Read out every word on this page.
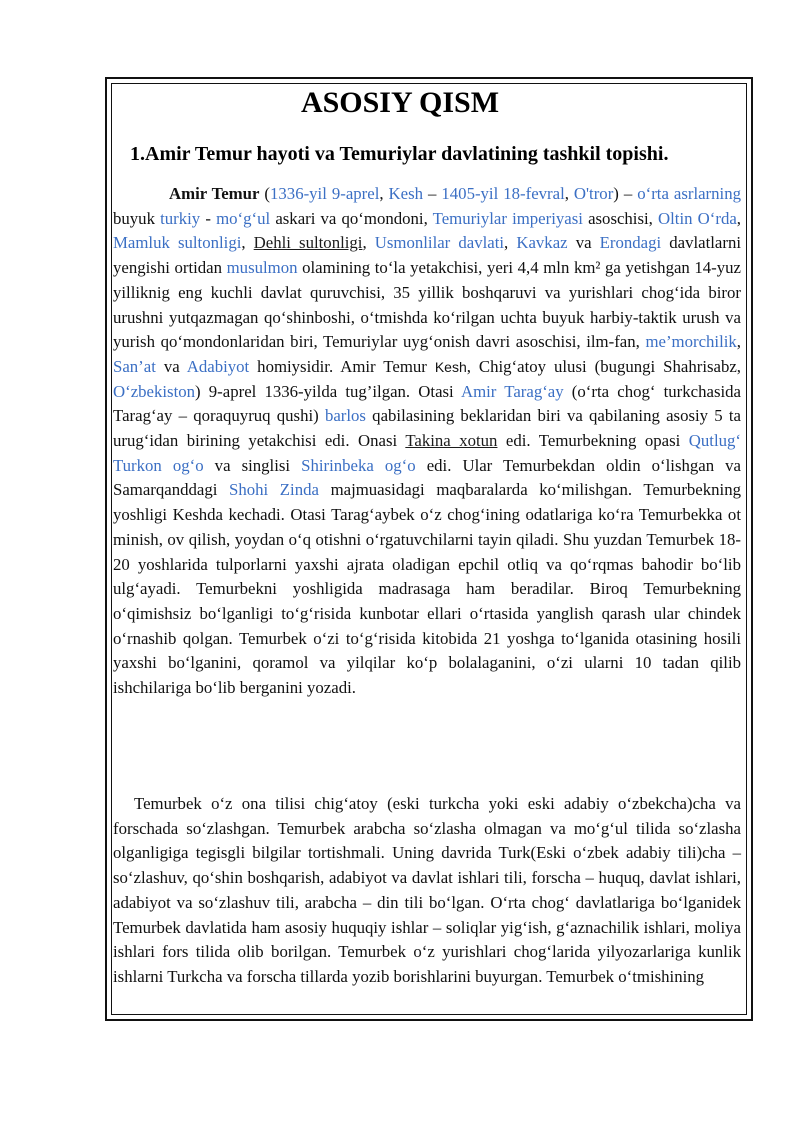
ASOSIY QISM
1.Amir Temur hayoti va Temuriylar davlatining tashkil topishi.

Amir Temur (1336-yil 9-aprel, Kesh – 1405-yil 18-fevral, O'tror) – o‘rta asrlarning buyuk turkiy - mo‘g‘ul askari va qo‘mondoni, Temuriylar imperiyasi asoschisi, Oltin O‘rda, Mamluk sultonligi, Dehli sultonligi, Usmonlilar davlati, Kavkaz va Erondagi davlatlarni yengishi ortidan musulmon olamining to‘la yetakchisi, yeri 4,4 mln km² ga yetishgan 14-yuz yilliknig eng kuchli davlat quruvchisi, 35 yillik boshqaruvi va yurishlari chog‘ida biror urushni yutqazmagan qo‘shinboshi, o‘tmishda ko‘rilgan uchta buyuk harbiy-taktik urush va yurish qo‘mondonlaridan biri, Temuriylar uyg‘onish davri asoschisi, ilm-fan, me’morchilik, San’at va Adabiyot homiysidir. Amir Temur Kesh, Chig‘atoy ulusi (bugungi Shahrisabz, O‘zbekiston) 9-aprel 1336-yilda tug’ilgan. Otasi Amir Tarag‘ay (o‘rta chog‘ turkchasida Tarag‘ay – qoraquyruq qushi) barlos qabilasining beklaridan biri va qabilaning asosiy 5 ta urug‘idan birining yetakchisi edi. Onasi Takina xotun edi. Temurbekning opasi Qutlug‘ Turkon og‘o va singlisi Shirinbeka og‘o edi. Ular Temurbekdan oldin o‘lishgan va Samarqanddagi Shohi Zinda majmuasidagi maqbaralarda ko‘milishgan. Temurbekning yoshligi Keshda kechadi. Otasi Tarag‘aybek o‘z chog‘ining odatlariga ko‘ra Temurbekka ot minish, ov qilish, yoydan o‘q otishni o‘rgatuvchilarni tayin qiladi. Shu yuzdan Temurbek 18-20 yoshlarida tulporlarni yaxshi ajrata oladigan epchil otliq va qo‘rqmas bahodir bo‘lib ulg‘ayadi. Temurbekni yoshligida madrasaga ham beradilar. Biroq Temurbekning o‘qimishsiz bo‘lganligi to‘g‘risida kunbotar ellari o‘rtasida yanglish qarash ular chindek o‘rnashib qolgan. Temurbek o‘zi to‘g‘risida kitobida 21 yoshga to‘lganida otasining hosili yaxshi bo‘lganini, qoramol va yilqilar ko‘p bolalaganini, o‘zi ularni 10 tadan qilib ishchilariga bo‘lib berganini yozadi.

Temurbek o‘z ona tilisi chig‘atoy (eski turkcha yoki eski adabiy o‘zbekcha)cha va forschada so‘zlashgan. Temurbek arabcha so‘zlasha olmagan va mo‘g‘ul tilida so‘zlasha olganligiga tegisgli bilgilar tortishmali. Uning davrida Turk(Eski o‘zbek adabiy tili)cha – so‘zlashuv, qo‘shin boshqarish, adabiyot va davlat ishlari tili, forscha – huquq, davlat ishlari, adabiyot va so‘zlashuv tili, arabcha – din tili bo‘lgan. O‘rta chog‘ davlatlariga bo‘lganidek Temurbek davlatida ham asosiy huquqiy ishlar – soliqlar yig‘ish, g‘aznachilik ishlari, moliya ishlari fors tilida olib borilgan. Temurbek o‘z yurishlari chog‘larida yilyozarlariga kunlik ishlarni Turkcha va forscha tillarda yozib borishlarini buyurgan. Temurbek o‘tmishining
